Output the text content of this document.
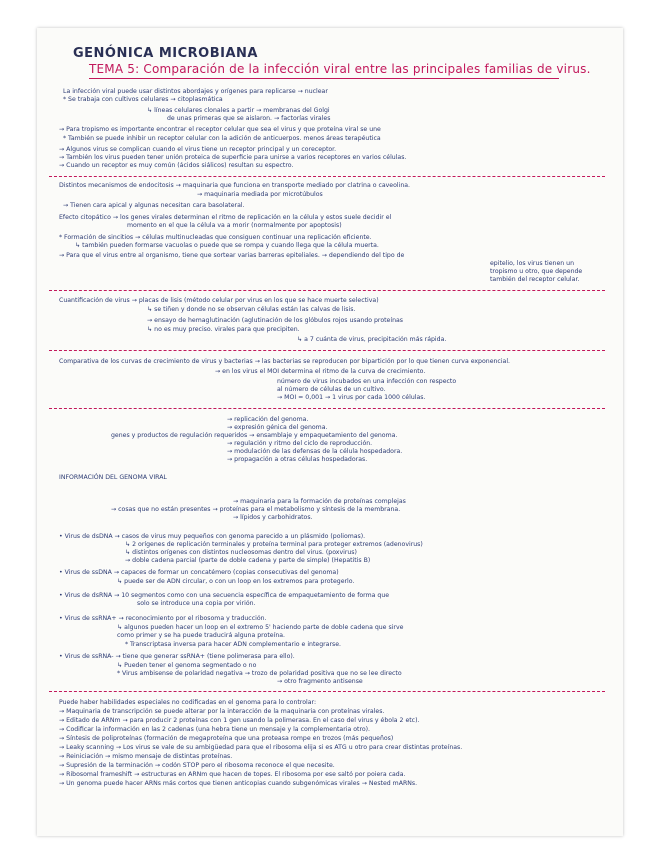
GENÓNICA MICROBIANA
TEMA 5: Comparación de la infección viral entre las principales familias de virus.
La infección viral puede usar distintos abordajes y orígenes para replicarse → nuclear
* Se trabaja con cultivos celulares → citoplasmática
↳ líneas celulares clonales a partir → membranas del Golgi
de unas primeras que se aislaron. → factorías virales
→ Para tropismo es importante encontrar el receptor celular que sea el virus y que proteína viral se une
* También se puede inhibir un receptor celular con la adición de anticuerpos. menos áreas terapéutica
→ Algunos virus se complican cuando el virus tiene un receptor principal y un coreceptor.
→ También los virus pueden tener unión proteica de superficie para unirse a varios receptores en varios células.
→ Cuando un receptor es muy común (ácidos siálicos) resultan su espectro.
Distintos mecanismos de endocitosis → maquinaria que funciona en transporte mediado por clatrina o caveolina.
→ maquinaria mediada por microtúbulos
→ Tienen cara apical y algunas necesitan cara basolateral.
Efecto citopático → los genes virales determinan el ritmo de replicación en la célula y estos suele decidir el
momento en el que la célula va a morir (normalmente por apoptosis)
* Formación de sincitios → células multinucleadas que consiguen continuar una replicación eficiente.
↳ también pueden formarse vacuolas o puede que se rompa y cuando llega que la célula muerta.
→ Para que el virus entre al organismo, tiene que sortear varias barreras epiteliales. → dependiendo del tipo de
epitelio, los virus tienen un
tropismo u otro, que depende
también del receptor celular.
Cuantificación de virus → placas de lisis (método celular por virus en los que se hace muerte selectiva)
↳ se tiñen y donde no se observan células están las calvas de lisis.
→ ensayo de hemaglutinación (aglutinación de los glóbulos rojos usando proteínas
↳ no es muy preciso. virales para que precipiten.
↳ a 7 cuánta de virus, precipitación más rápida.
Comparativa de los curvas de crecimiento de virus y bacterias → las bacterias se reproducen por bipartición por lo que tienen curva exponencial.
→ en los virus el MOI determina el ritmo de la curva de crecimiento.
número de virus incubados en una infección con respecto
al número de células de un cultivo.
→ MOI = 0,001 → 1 virus por cada 1000 células.
→ replicación del genoma.
→ expresión génica del genoma.
genes y productos de regulación requeridos → ensamblaje y empaquetamiento del genoma.
→ regulación y ritmo del ciclo de reproducción.
→ modulación de las defensas de la célula hospedadora.
→ propagación a otras células hospedadoras.
INFORMACIÓN DEL GENOMA VIRAL
→ maquinaria para la formación de proteínas complejas
→ cosas que no están presentes → proteínas para el metabolismo y síntesis de la membrana.
→ lípidos y carbohidratos.
• Virus de dsDNA → casos de virus muy pequeños con genoma parecido a un plásmido (poliomas).
↳ 2 orígenes de replicación terminales y proteína terminal para proteger extremos (adenovirus)
↳ distintos orígenes con distintos nucleosomas dentro del virus. (poxvirus)
→ doble cadena parcial (parte de doble cadena y parte de simple) (Hepatitis B)
• Virus de ssDNA → capaces de formar un concatémero (copias consecutivas del genoma)
↳ puede ser de ADN circular, o con un loop en los extremos para protegerlo.
• Virus de dsRNA → 10 segmentos como con una secuencia específica de empaquetamiento de forma que
solo se introduce una copia por virión.
• Virus de ssRNA+ → reconocimiento por el ribosoma y traducción.
↳ algunos pueden hacer un loop en el extremo 5' haciendo parte de doble cadena que sirve
como primer y se ha puede traducirá alguna proteína.
* Transcriptasa inversa para hacer ADN complementario e integrarse.
• Virus de ssRNA- → tiene que generar ssRNA+ (tiene polimerasa para ello).
↳ Pueden tener el genoma segmentado o no
* Virus ambisense de polaridad negativa → trozo de polaridad positiva que no se lee directo
→ otro fragmento antisense
Puede haber habilidades especiales no codificadas en el genoma para lo controlar:
→ Maquinaria de transcripción se puede alterar por la interacción de la maquinaria con proteínas virales.
→ Editado de ARNm → para producir 2 proteínas con 1 gen usando la polimerasa. En el caso del virus y ébola 2 etc).
→ Codificar la información en las 2 cadenas (una hebra tiene un mensaje y la complementaria otro).
→ Síntesis de poliproteínas (formación de megaproteína que una proteasa rompe en trozos (más pequeños)
→ Leaky scanning → Los virus se vale de su ambigüedad para que el ribosoma elija si es ATG u otro para crear distintas proteínas.
→ Reiniciación → mismo mensaje de distintas proteínas.
→ Supresión de la terminación → codón STOP pero el ribosoma reconoce el que necesite.
→ Ribosomal frameshift → estructuras en ARNm que hacen de topes. El ribosoma por ese saltó por poiera cada.
→ Un genoma puede hacer ARNs más cortos que tienen anticopias cuando subgenómicas virales → Nested mARNs.
